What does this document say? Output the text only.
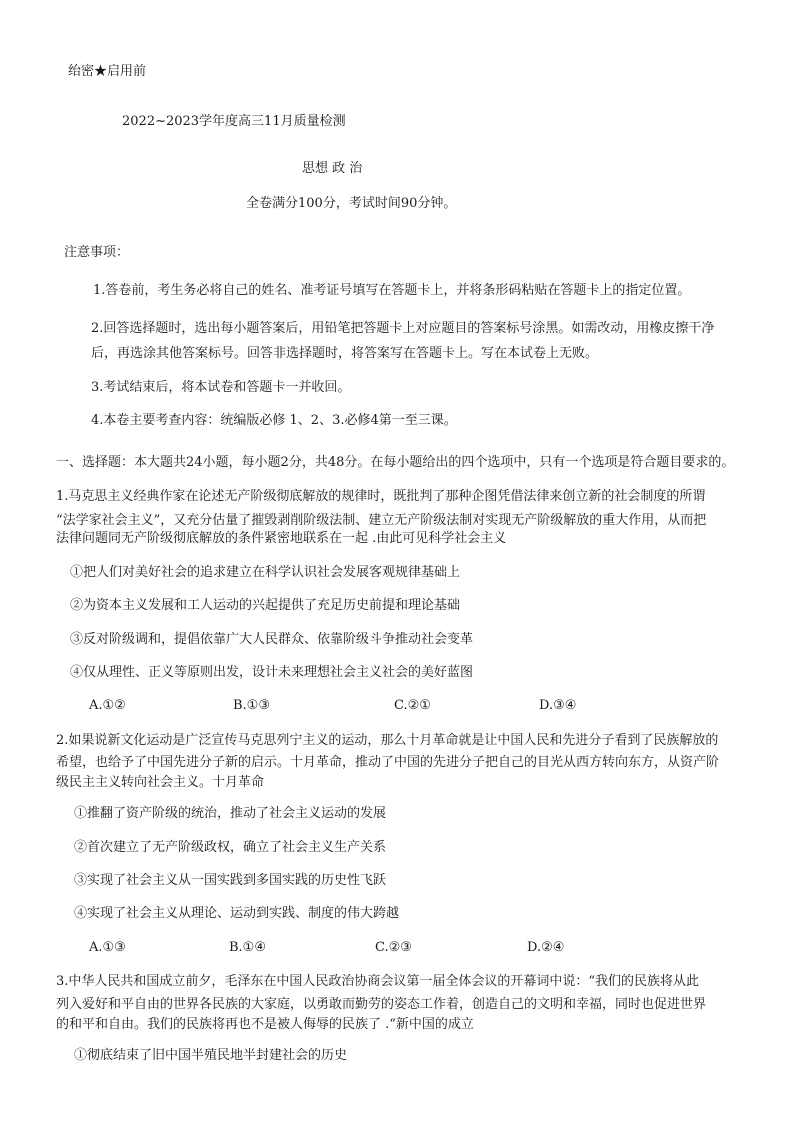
绐密★启用前
2022~2023学年度高三11月质量检测
思想 政 治
全卷满分100分，考试时间90分钟。
注意事项：
1.答卷前，考生务必将自己的姓名、准考证号填写在答题卡上，并将条形码粘贴在答题卡上的指定位置。
2.回答选择题时，选出每小题答案后，用铅笔把答题卡上对应题目的答案标号涂黑。如需改动，用橡皮擦干净
后，再选涂其他答案标号。回答非选择题时，将答案写在答题卡上。写在本试卷上无败。
3.考试结束后，将本试卷和答题卡一并收回。
4.本卷主要考查内容：统编版必修 1、2、3.必修4第一至三课。
一、选择题：本大题共24小题，每小题2分，共48分。在每小题给出的四个选项中，只有一个选项是符合题目要求的。
1.马克思主义经典作家在论述无产阶级彻底解放的规律时，既批判了那种企图凭借法律来创立新的社会制度的所谓
“法学家社会主义”，又充分估量了摧毁剥削阶级法制、建立无产阶级法制对实现无产阶级解放的重大作用，从而把
法律问题同无产阶级彻底解放的条件紧密地联系在一起 .由此可见科学社会主义
①把人们对美好社会的追求建立在科学认识社会发展客观规律基础上
②为资本主义发展和工人运动的兴起提供了充足历史前提和理论基础
③反对阶级调和，提倡依靠广大人民群众、依靠阶级斗争推动社会变革
④仅从理性、正义等原则出发，设计未来理想社会主义社会的美好蓝图
A.①②	B.①③	C.②①	D.③④
2.如果说新文化运动是广泛宣传马克思列宁主义的运动，那么十月革命就是让中国人民和先进分子看到了民族解放的
希望，也给予了中国先进分子新的启示。十月革命，推动了中国的先进分子把自己的目光从西方转向东方，从资产阶
级民主主义转向社会主义。十月革命
①推翻了资产阶级的统治，推动了社会主义运动的发展
②首次建立了无产阶级政权，确立了社会主义生产关系
③实现了社会主义从一国实践到多国实践的历史性飞跃
④实现了社会主义从理论、运动到实践、制度的伟大跨越
A.①③	B.①④	C.②③	D.②④
3.中华人民共和国成立前夕，毛泽东在中国人民政治协商会议第一届全体会议的开幕词中说：“我们的民族将从此
列入爱好和平自由的世界各民族的大家庭，以勇敢而勤劳的姿态工作着，创造自己的文明和幸福，同时也促进世界
的和平和自由。我们的民族将再也不是被人侮辱的民族了 .“新中国的成立
①彻底结束了旧中国半殖民地半封建社会的历史
